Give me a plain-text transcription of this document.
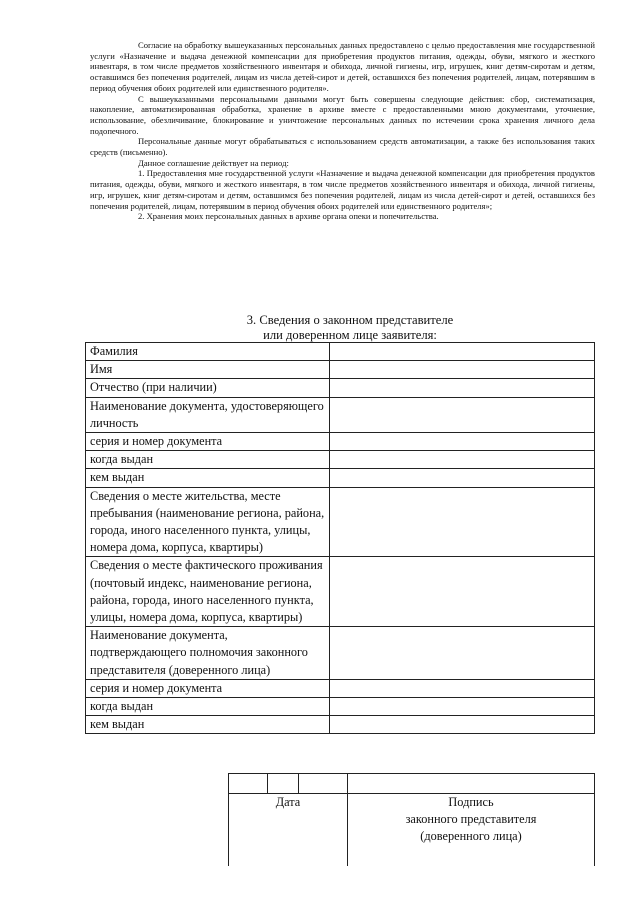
Согласие на обработку вышеуказанных персональных данных предоставлено с целью предоставления мне государственной услуги «Назначение и выдача денежной компенсации для приобретения продуктов питания, одежды, обуви, мягкого и жесткого инвентаря, в том числе предметов хозяйственного инвентаря и обихода, личной гигиены, игр, игрушек, книг детям-сиротам и детям, оставшимся без попечения родителей, лицам из числа детей-сирот и детей, оставшихся без попечения родителей, лицам, потерявшим в период обучения обоих родителей или единственного родителя».

С вышеуказанными персональными данными могут быть совершены следующие действия: сбор, систематизация, накопление, автоматизированная обработка, хранение в архиве вместе с предоставленными мною документами, уточнение, использование, обезличивание, блокирование и уничтожение персональных данных по истечении срока хранения личного дела подопечного.

Персональные данные могут обрабатываться с использованием средств автоматизации, а также без использования таких средств (письменно).

Данное соглашение действует на период:

1. Предоставления мне государственной услуги «Назначение и выдача денежной компенсации для приобретения продуктов питания, одежды, обуви, мягкого и жесткого инвентаря, в том числе предметов хозяйственного инвентаря и обихода, личной гигиены, игр, игрушек, книг детям-сиротам и детям, оставшимся без попечения родителей, лицам из числа детей-сирот и детей, оставшихся без попечения родителей, лицам, потерявшим в период обучения обоих родителей или единственного родителя»;

2. Хранения моих персональных данных в архиве органа опеки и попечительства.

3. Сведения о законном представителе
или доверенном лице заявителя:
Фамилия	
Имя	
Отчество (при наличии)	
Наименование документа, удостоверяющего личность	
серия и номер документа	
когда выдан	
кем выдан	
Сведения о месте жительства, месте пребывания (наименование региона, района, города, иного населенного пункта, улицы, номера дома, корпуса, квартиры)	
Сведения о месте фактического проживания (почтовый индекс, наименование региона, района, города, иного населенного пункта, улицы, номера дома, корпуса, квартиры)	
Наименование документа, подтверждающего полномочия законного представителя (доверенного лица)	
серия и номер документа	
когда выдан	
кем выдан	

Дата			Подпись
законного представителя
(доверенного лица)
